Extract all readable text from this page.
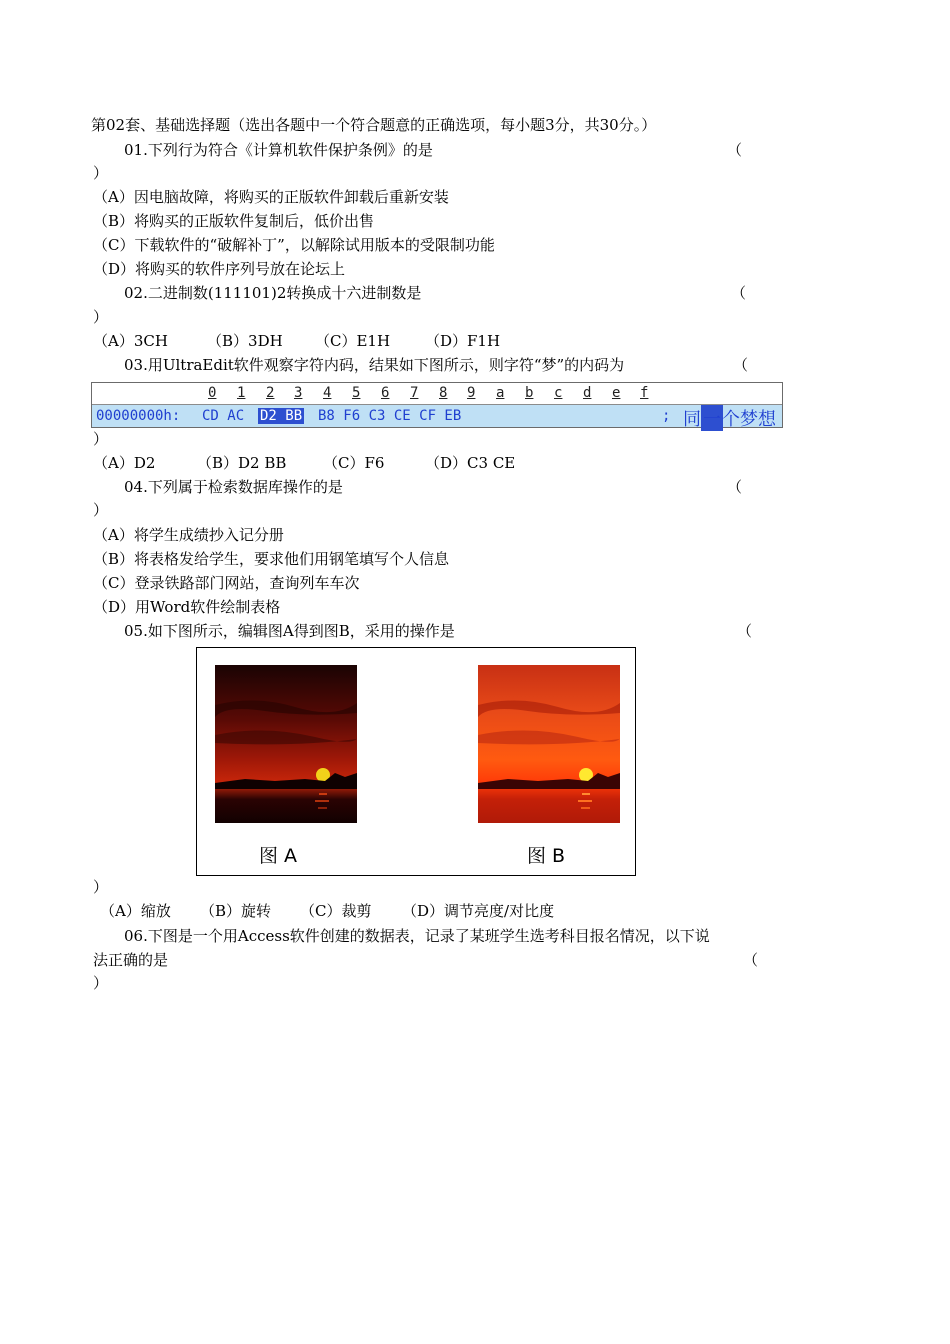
第02套、基础选择题（选出各题中一个符合题意的正确选项，每小题3分，共30分。）
01.下列行为符合《计算机软件保护条例》的是	（
）
（A）因电脑故障，将购买的正版软件卸载后重新安装
（B）将购买的正版软件复制后，低价出售
（C）下载软件的“破解补丁”，以解除试用版本的受限制功能
（D）将购买的软件序列号放在论坛上
02.二进制数(111101)2转换成十六进制数是	（
）
（A）3CH	（B）3DH （C）E1H （D）F1H
03.用UltraEdit软件观察字符内码，结果如下图所示，则字符“梦”的内码为	（
0 1 2 3 4 5 6 7 8 9 a b c d e f
00000000h: CD AC D2 BB B8 F6 C3 CE CF EB	; 同 一 个梦想
）
（A）D2	（B）D2 BB （C）F6	（D）C3 CE
04.下列属于检索数据库操作的是	（
）
（A）将学生成绩抄入记分册
（B）将表格发给学生，要求他们用钢笔填写个人信息
（C）登录铁路部门网站，查询列车车次
（D）用Word软件绘制表格
05.如下图所示，编辑图A得到图B，采用的操作是	（
图 A	图 B
）
（A）缩放 （B）旋转 （C）裁剪 （D）调节亮度/对比度
06.下图是一个用Access软件创建的数据表，记录了某班学生选考科目报名情况，以下说
法正确的是	（
）
